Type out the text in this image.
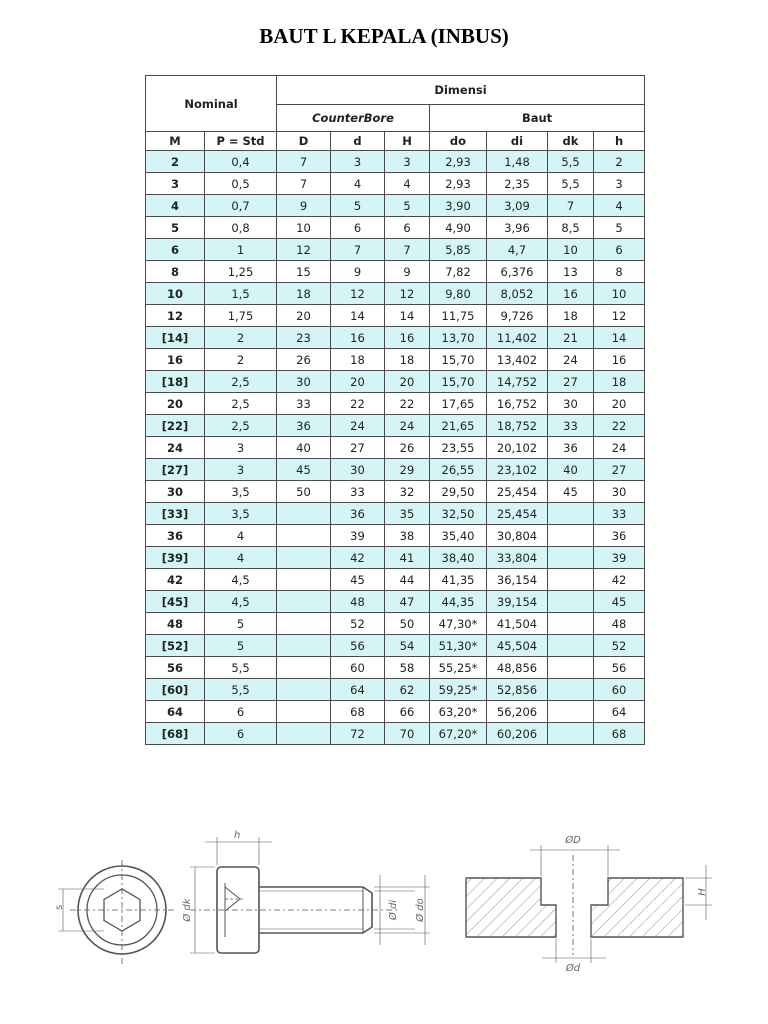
BAUT L KEPALA (INBUS)
Nominal		Dimensi						
		CounterBore			Baut			
M	P = Std	D	d	H	do	di	dk	h
2	0,4	7	3	3	2,93	1,48	5,5	2
3	0,5	7	4	4	2,93	2,35	5,5	3
4	0,7	9	5	5	3,90	3,09	7	4
5	0,8	10	6	6	4,90	3,96	8,5	5
6	1	12	7	7	5,85	4,7	10	6
8	1,25	15	9	9	7,82	6,376	13	8
10	1,5	18	12	12	9,80	8,052	16	10
12	1,75	20	14	14	11,75	9,726	18	12
[14]	2	23	16	16	13,70	11,402	21	14
16	2	26	18	18	15,70	13,402	24	16
[18]	2,5	30	20	20	15,70	14,752	27	18
20	2,5	33	22	22	17,65	16,752	30	20
[22]	2,5	36	24	24	21,65	18,752	33	22
24	3	40	27	26	23,55	20,102	36	24
[27]	3	45	30	29	26,55	23,102	40	27
30	3,5	50	33	32	29,50	25,454	45	30
[33]	3,5		36	35	32,50	25,454		33
36	4		39	38	35,40	30,804		36
[39]	4		42	41	38,40	33,804		39
42	4,5		45	44	41,35	36,154		42
[45]	4,5		48	47	44,35	39,154		45
48	5		52	50	47,30*	41,504		48
[52]	5		56	54	51,30*	45,504		52
56	5,5		60	58	55,25*	48,856		56
[60]	5,5		64	62	59,25*	52,856		60
64	6		68	66	63,20*	56,206		64
[68]	6		72	70	67,20*	60,206		68
s
h
Ø dk	Ø di Ø do
ØD
H
Ød
